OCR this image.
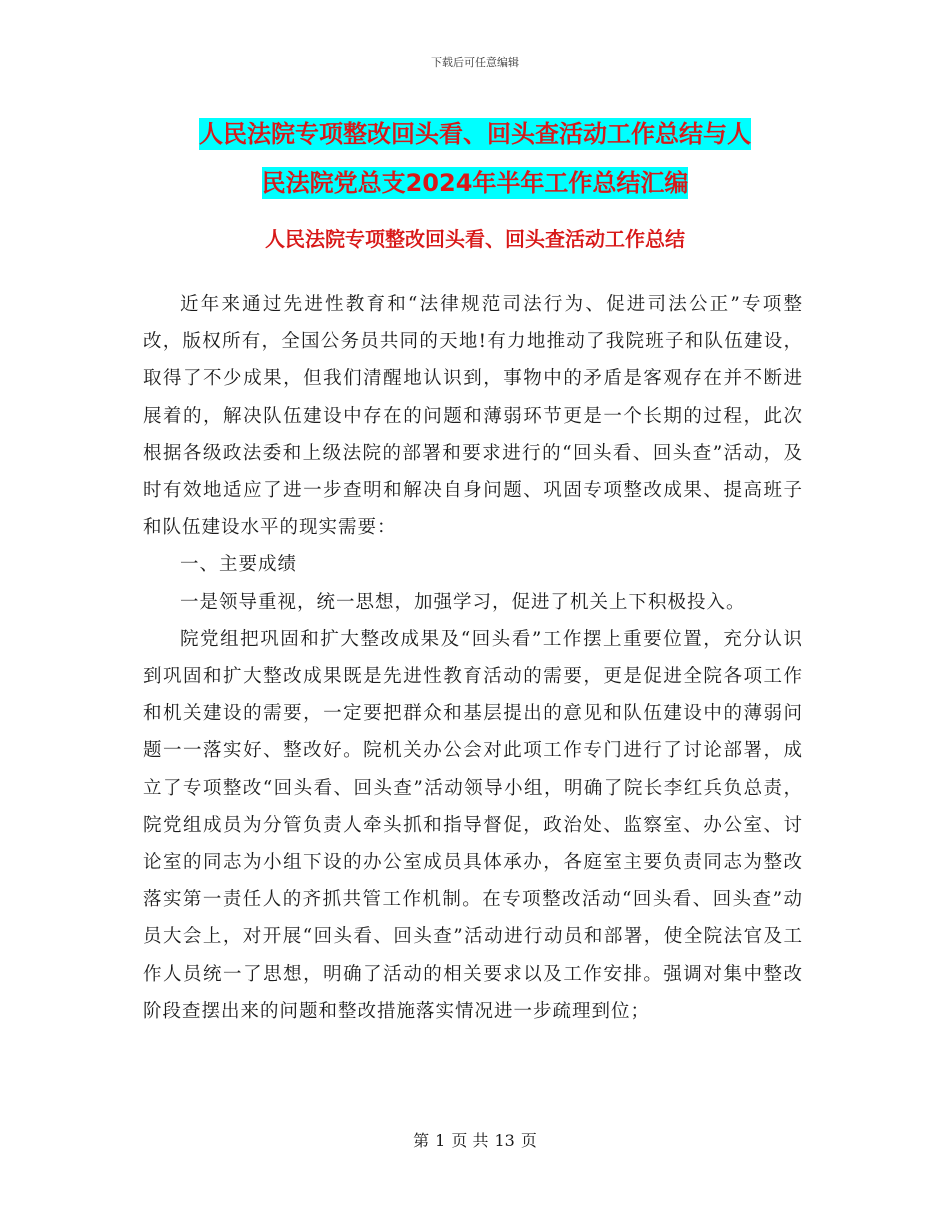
下载后可任意编辑
人民法院专项整改回头看、回头查活动工作总结与人
民法院党总支2024年半年工作总结汇编
人民法院专项整改回头看、回头查活动工作总结

近年来通过先进性教育和“法律规范司法行为、促进司法公正”专项整改，版权所有，全国公务员共同的天地!有力地推动了我院班子和队伍建设，取得了不少成果，但我们清醒地认识到，事物中的矛盾是客观存在并不断进展着的，解决队伍建设中存在的问题和薄弱环节更是一个长期的过程，此次根据各级政法委和上级法院的部署和要求进行的“回头看、回头查”活动，及时有效地适应了进一步查明和解决自身问题、巩固专项整改成果、提高班子和队伍建设水平的现实需要：

一、主要成绩

一是领导重视，统一思想，加强学习，促进了机关上下积极投入。

院党组把巩固和扩大整改成果及“回头看”工作摆上重要位置，充分认识到巩固和扩大整改成果既是先进性教育活动的需要，更是促进全院各项工作和机关建设的需要，一定要把群众和基层提出的意见和队伍建设中的薄弱问题一一落实好、整改好。院机关办公会对此项工作专门进行了讨论部署，成立了专项整改“回头看、回头查”活动领导小组，明确了院长李红兵负总责，院党组成员为分管负责人牵头抓和指导督促，政治处、监察室、办公室、讨论室的同志为小组下设的办公室成员具体承办，各庭室主要负责同志为整改落实第一责任人的齐抓共管工作机制。在专项整改活动“回头看、回头查”动员大会上，对开展“回头看、回头查”活动进行动员和部署，使全院法官及工作人员统一了思想，明确了活动的相关要求以及工作安排。强调对集中整改阶段查摆出来的问题和整改措施落实情况进一步疏理到位；

第 1 页 共 13 页
